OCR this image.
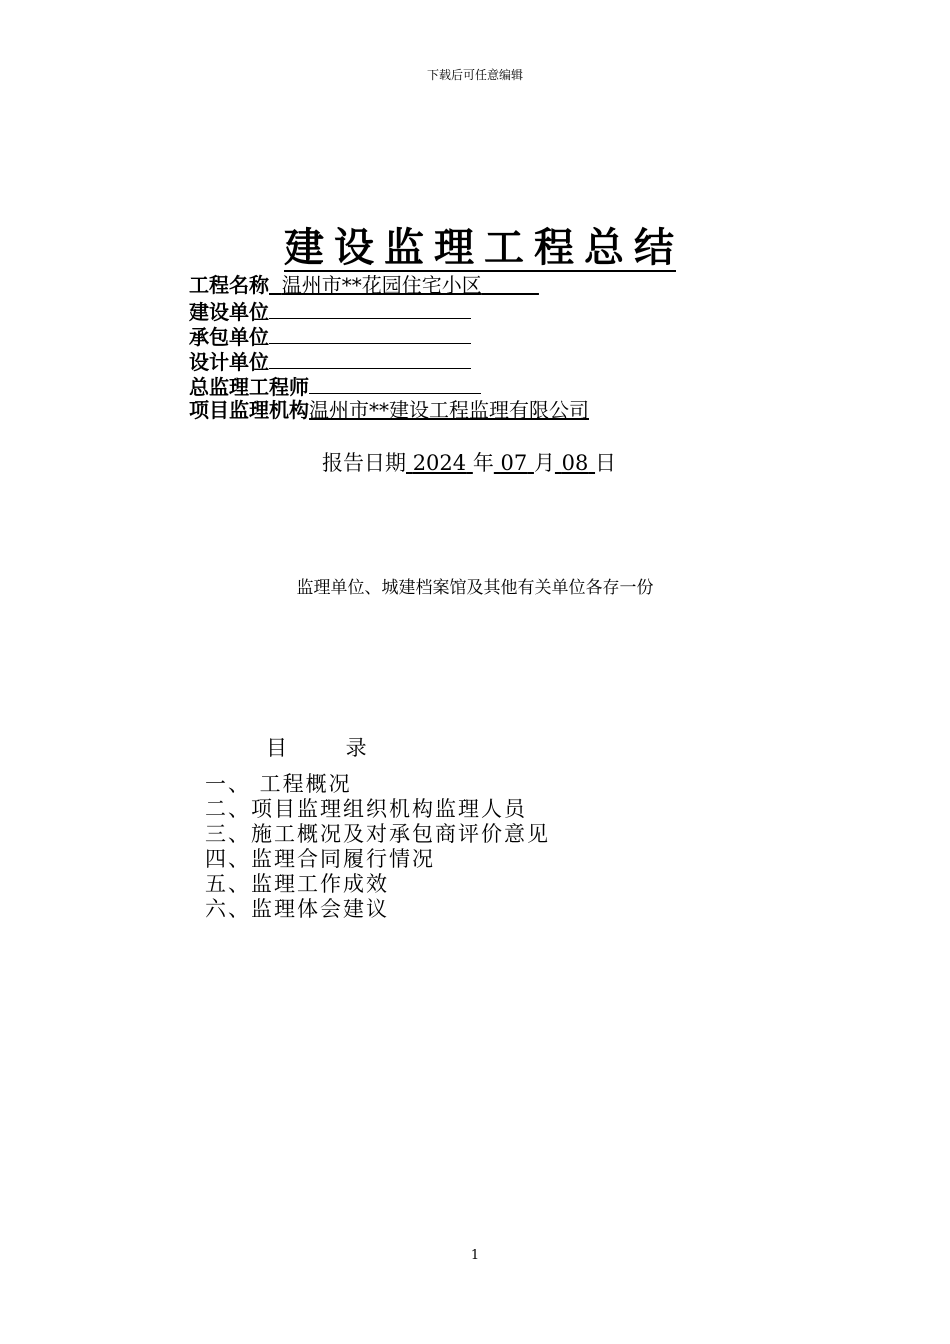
下载后可任意编辑
建设监理工程总结
工程名称 温州市**花园住宅小区
建设单位
承包单位
设计单位
总监理工程师
项目监理机构温州市**建设工程监理有限公司
报告日期 2024 年 07 月 08 日
监理单位、城建档案馆及其他有关单位各存一份
目 录
一、 工程概况
二、项目监理组织机构监理人员
三、施工概况及对承包商评价意见
四、监理合同履行情况
五、监理工作成效
六、监理体会建议
1
